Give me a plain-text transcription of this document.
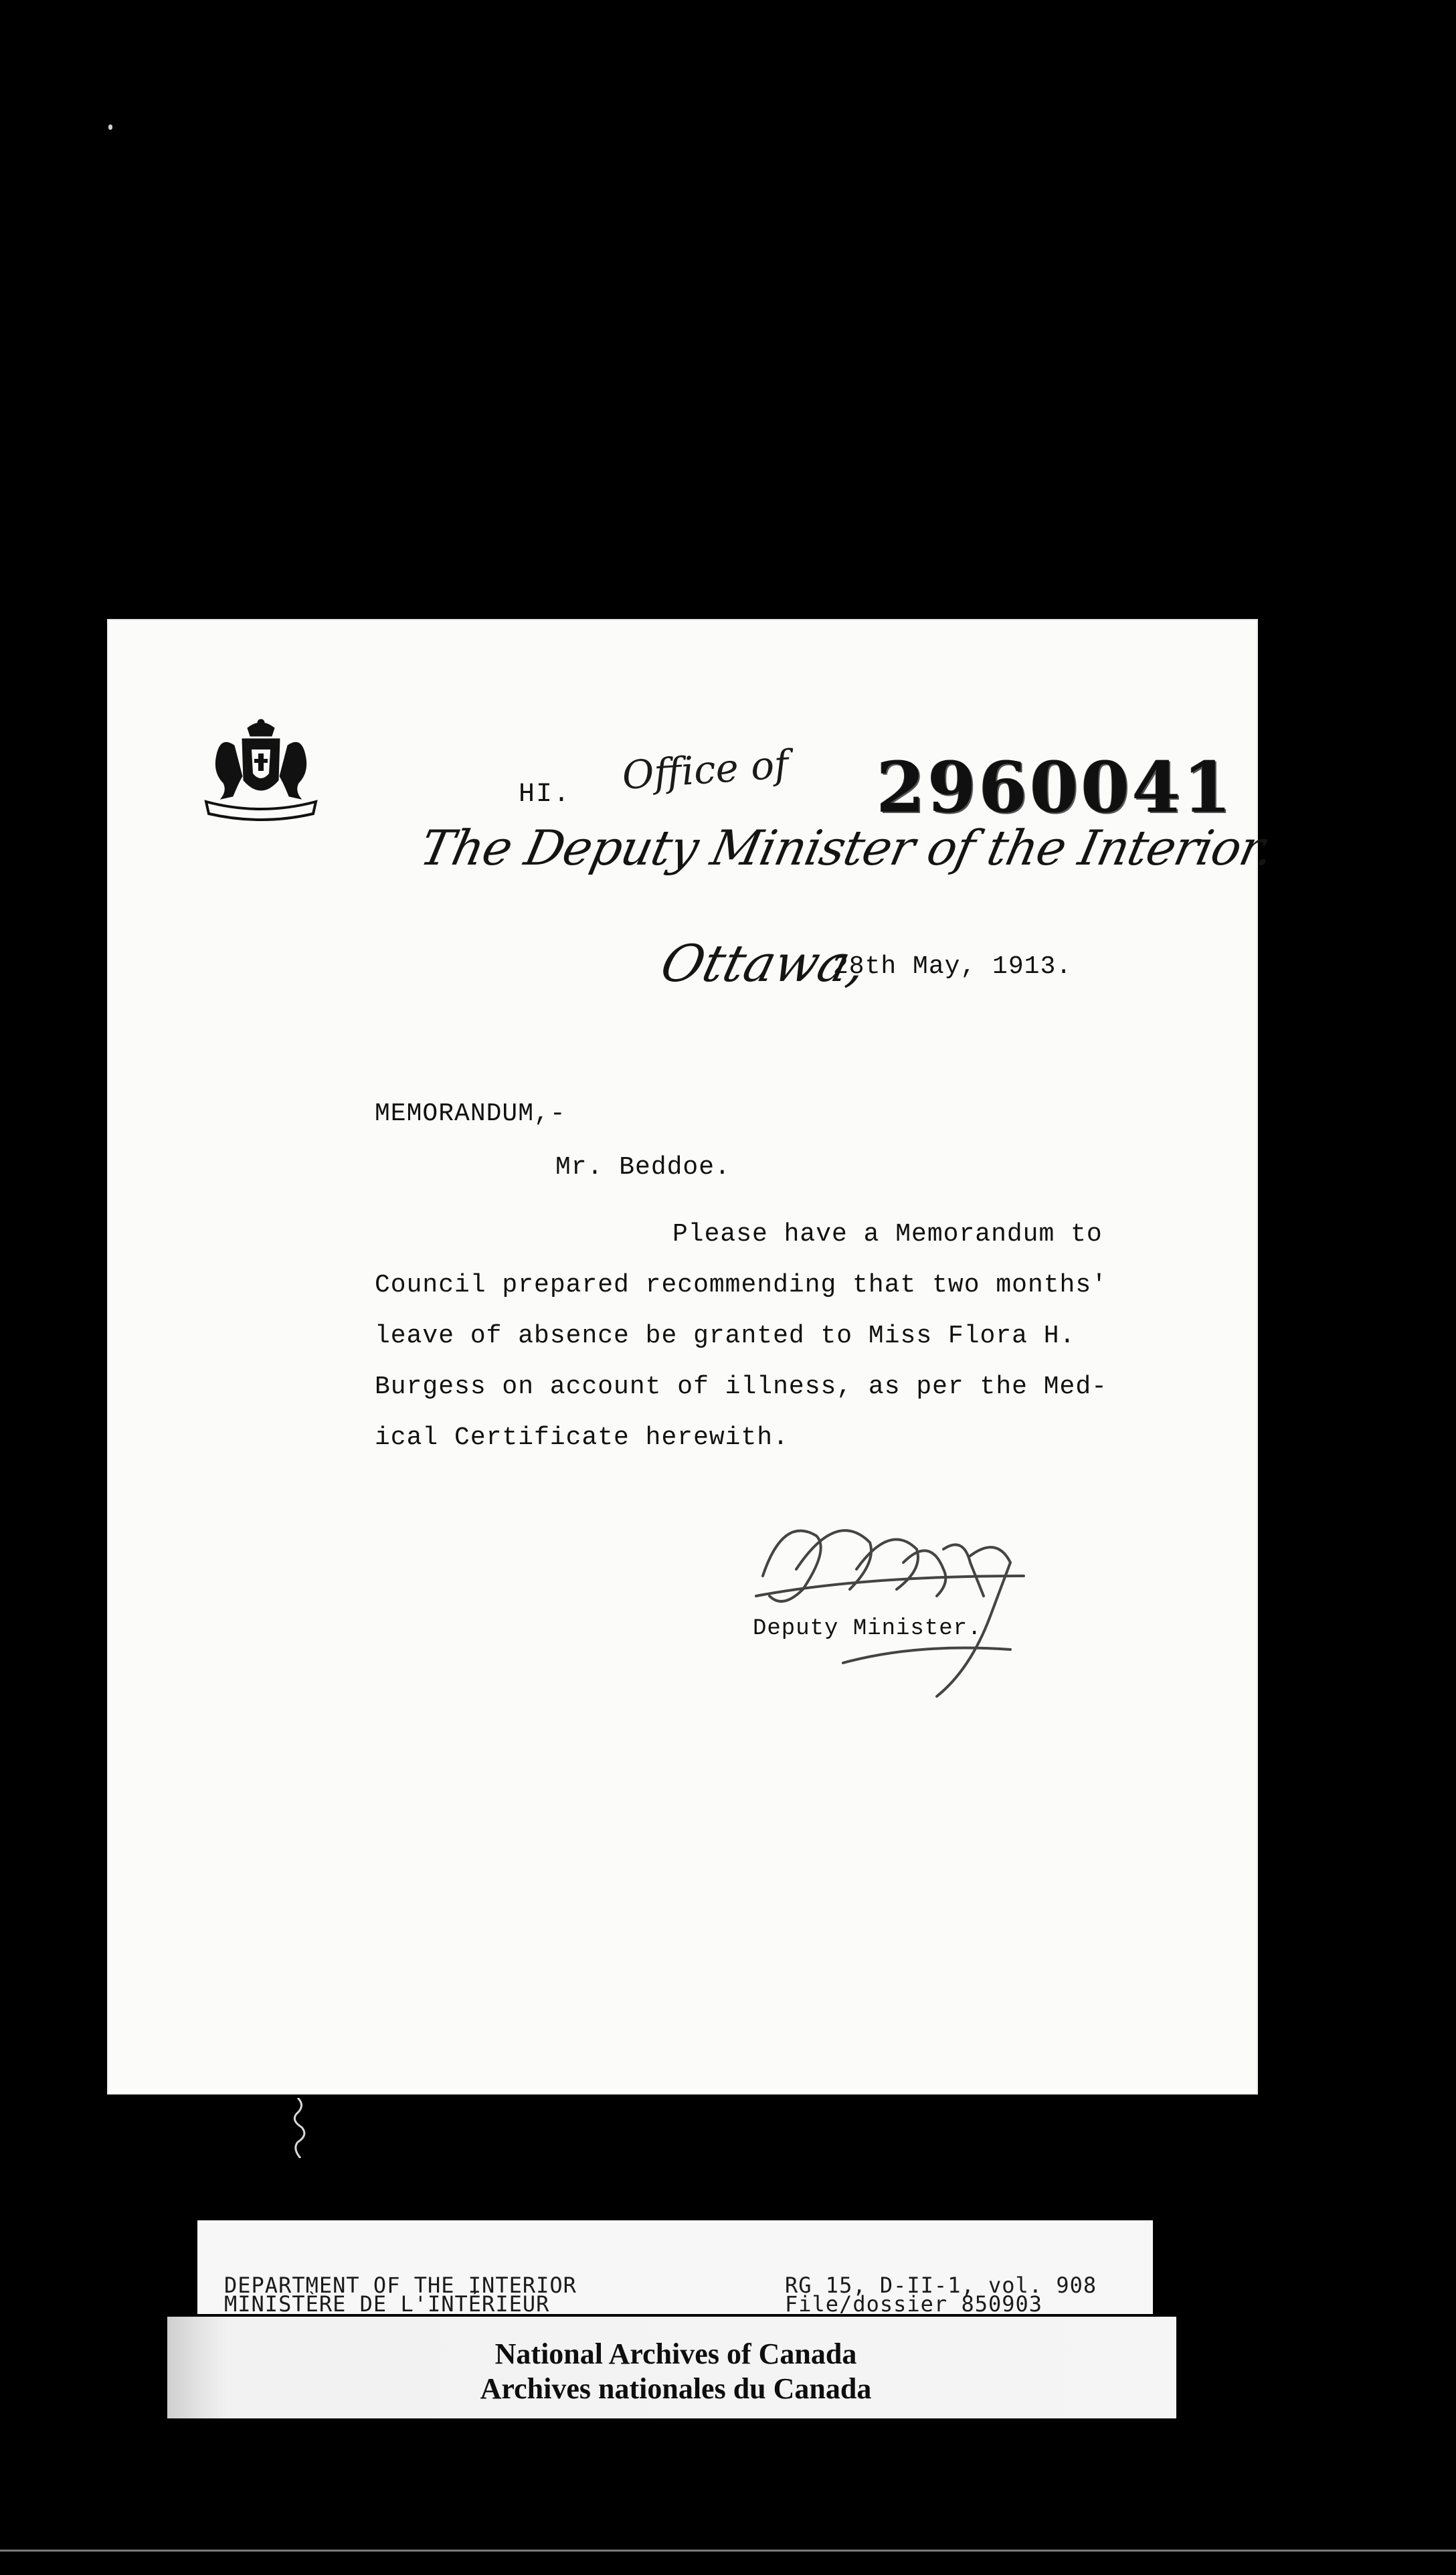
HI. Office of 2960041
The Deputy Minister of the Interior.
Ottawa,
28th May, 1913.
MEMORANDUM,-
Mr. Beddoe.
Please have a Memorandum to
Council prepared recommending that two months'
leave of absence be granted to Miss Flora H.
Burgess on account of illness, as per the Med-
ical Certificate herewith.
Deputy Minister.
DEPARTMENT OF THE INTERIOR
MINISTÈRE DE L'INTÉRIEUR
RG 15, D-II-1, vol. 908
File/dossier 850903
National Archives of Canada
Archives nationales du Canada
